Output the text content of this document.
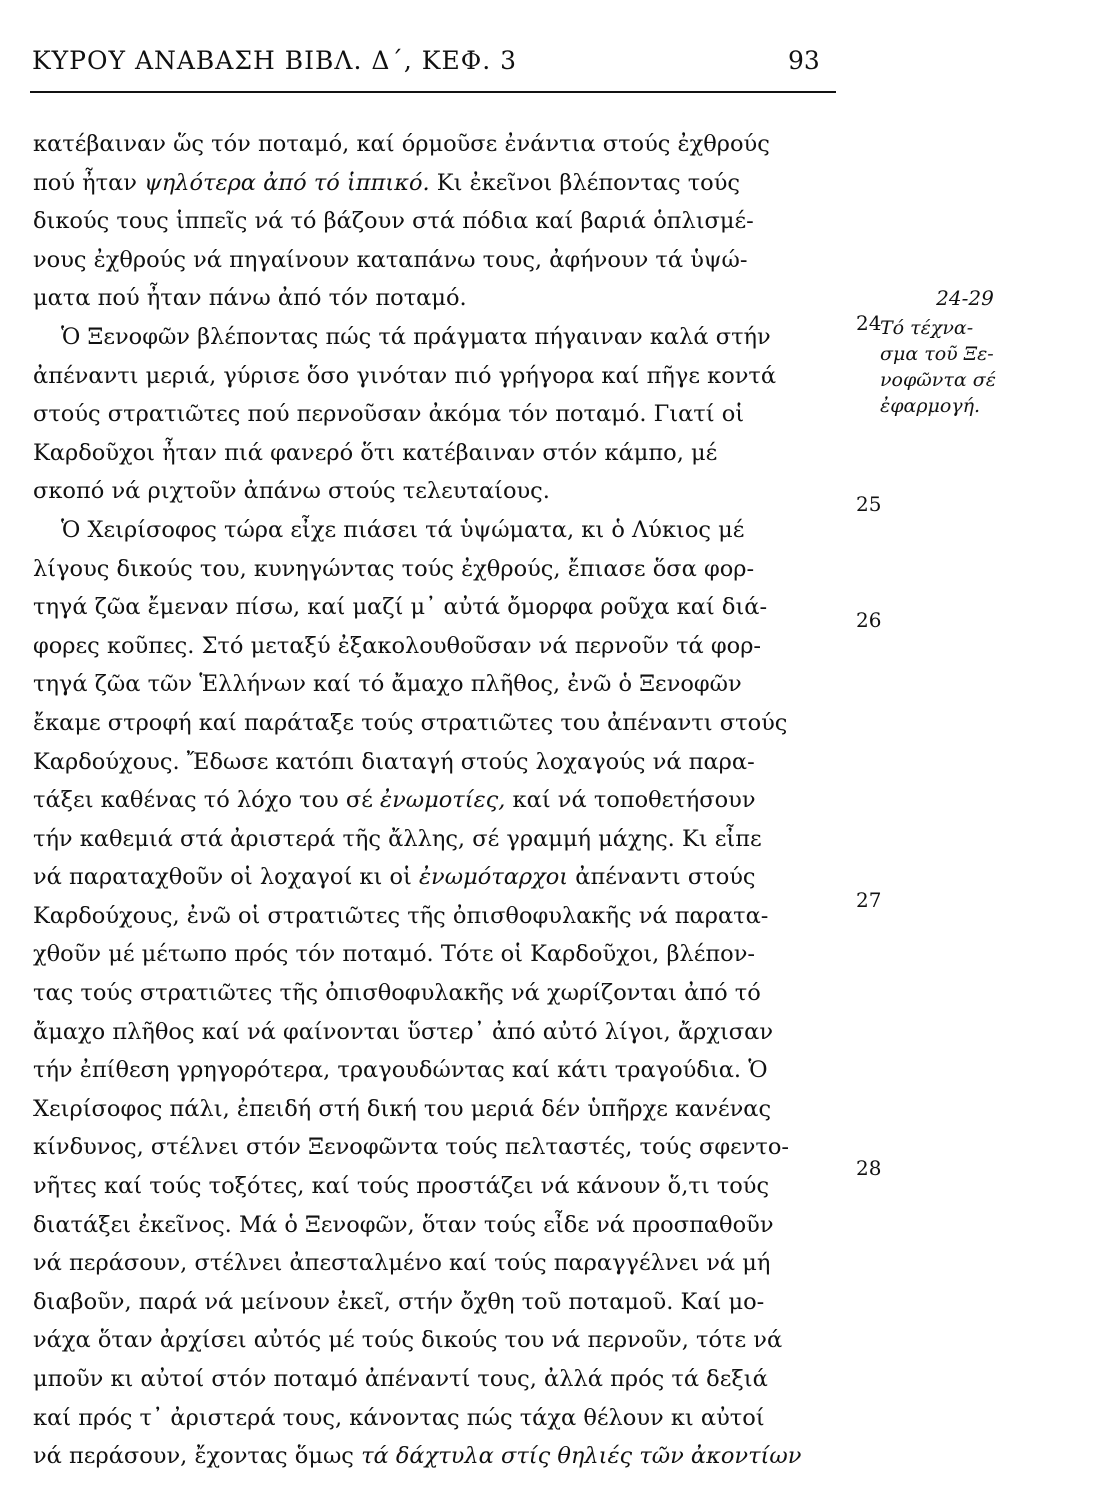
ΚΥΡΟΥ ΑΝΑΒΑΣΗ ΒΙΒΛ. Δ΄, ΚΕΦ. 3	93
κατέβαιναν ὥς τόν ποταμό, καί όρμοῦσε ἐνάντια στούς ἐχθρούς
πού ἦταν ψηλότερα ἀπό τό ἱππικό. Κι ἐκεῖνοι βλέποντας τούς
δικούς τους ἱππεῖς νά τό βάζουν στά πόδια καί βαριά ὁπλισμέ-
νους ἐχθρούς νά πηγαίνουν καταπάνω τους, ἀφήνουν τά ὑψώ-
ματα πού ἦταν πάνω ἀπό τόν ποταμό.
Ὁ Ξενοφῶν βλέποντας πώς τά πράγματα πήγαιναν καλά στήν
ἀπέναντι μεριά, γύρισε ὅσο γινόταν πιό γρήγορα καί πῆγε κοντά
στούς στρατιῶτες πού περνοῦσαν ἀκόμα τόν ποταμό. Γιατί οἱ
Καρδοῦχοι ἦταν πιά φανερό ὅτι κατέβαιναν στόν κάμπο, μέ
σκοπό νά ριχτοῦν ἀπάνω στούς τελευταίους.
Ὁ Χειρίσοφος τώρα εἶχε πιάσει τά ὑψώματα, κι ὁ Λύκιος μέ
λίγους δικούς του, κυνηγώντας τούς ἐχθρούς, ἔπιασε ὅσα φορ-
τηγά ζῶα ἔμεναν πίσω, καί μαζί μ᾽ αὐτά ὄμορφα ροῦχα καί διά-
φορες κοῦπες. Στό μεταξύ ἐξακολουθοῦσαν νά περνοῦν τά φορ-
τηγά ζῶα τῶν Ἑλλήνων καί τό ἄμαχο πλῆθος, ἐνῶ ὁ Ξενοφῶν
ἔκαμε στροφή καί παράταξε τούς στρατιῶτες του ἀπέναντι στούς
Καρδούχους. Ἔδωσε κατόπι διαταγή στούς λοχαγούς νά παρα-
τάξει καθένας τό λόχο του σέ ἐνωμοτίες, καί νά τοποθετήσουν
τήν καθεμιά στά ἀριστερά τῆς ἄλλης, σέ γραμμή μάχης. Κι εἶπε
νά παραταχθοῦν οἱ λοχαγοί κι οἱ ἐνωμόταρχοι ἀπέναντι στούς
Καρδούχους, ἐνῶ οἱ στρατιῶτες τῆς ὀπισθοφυλακῆς νά παρατα-
χθοῦν μέ μέτωπο πρός τόν ποταμό. Τότε οἱ Καρδοῦχοι, βλέπον-
τας τούς στρατιῶτες τῆς ὀπισθοφυλακῆς νά χωρίζονται ἀπό τό
ἄμαχο πλῆθος καί νά φαίνονται ὕστερ᾽ ἀπό αὐτό λίγοι, ἄρχισαν
τήν ἐπίθεση γρηγορότερα, τραγουδώντας καί κάτι τραγούδια. Ὁ
Χειρίσοφος πάλι, ἐπειδή στή δική του μεριά δέν ὑπῆρχε κανένας
κίνδυνος, στέλνει στόν Ξενοφῶντα τούς πελταστές, τούς σφεντο-
νῆτες καί τούς τοξότες, καί τούς προστάζει νά κάνουν ὅ,τι τούς
διατάξει ἐκεῖνος. Μά ὁ Ξενοφῶν, ὅταν τούς εἶδε νά προσπαθοῦν
νά περάσουν, στέλνει ἀπεσταλμένο καί τούς παραγγέλνει νά μή
διαβοῦν, παρά νά μείνουν ἐκεῖ, στήν ὄχθη τοῦ ποταμοῦ. Καί μο-
νάχα ὅταν ἀρχίσει αὐτός μέ τούς δικούς του νά περνοῦν, τότε νά
μποῦν κι αὐτοί στόν ποταμό ἀπέναντί τους, ἀλλά πρός τά δεξιά
καί πρός τ᾽ ἀριστερά τους, κάνοντας πώς τάχα θέλουν κι αὐτοί
νά περάσουν, ἔχοντας ὅμως τά δάχτυλα στίς θηλιές τῶν ἀκοντίων
24
25
26
27
28
24-29
Τό τέχνα-
σμα τοῦ Ξε-
νοφῶντα σέ
ἐφαρμογή.
